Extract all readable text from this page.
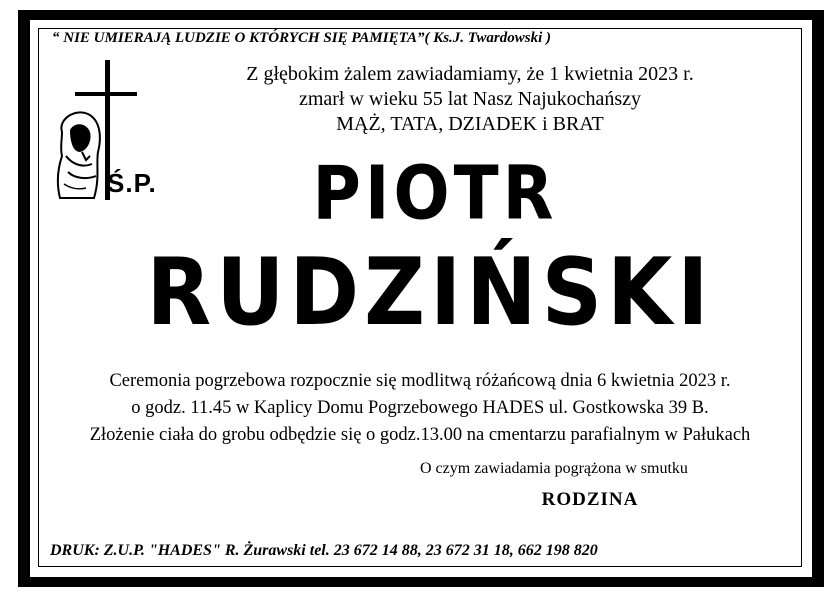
“ NIE UMIERAJĄ LUDZIE O KTÓRYCH SIĘ PAMIĘTA”( Ks.J. Twardowski )
Ś.P.
Z głębokim żalem zawiadamiamy, że 1 kwietnia 2023 r.
zmarł w wieku 55 lat Nasz Najukochańszy
MĄŻ, TATA, DZIADEK i BRAT
PIOTR
RUDZIŃSKI
Ceremonia pogrzebowa rozpocznie się modlitwą różańcową dnia 6 kwietnia 2023 r.
o godz. 11.45 w Kaplicy Domu Pogrzebowego HADES ul. Gostkowska 39 B.
Złożenie ciała do grobu odbędzie się o godz.13.00 na cmentarzu parafialnym w Pałukach
O czym zawiadamia pogrążona w smutku
RODZINA
DRUK: Z.U.P. "HADES" R. Żurawski tel. 23 672 14 88, 23 672 31 18, 662 198 820
